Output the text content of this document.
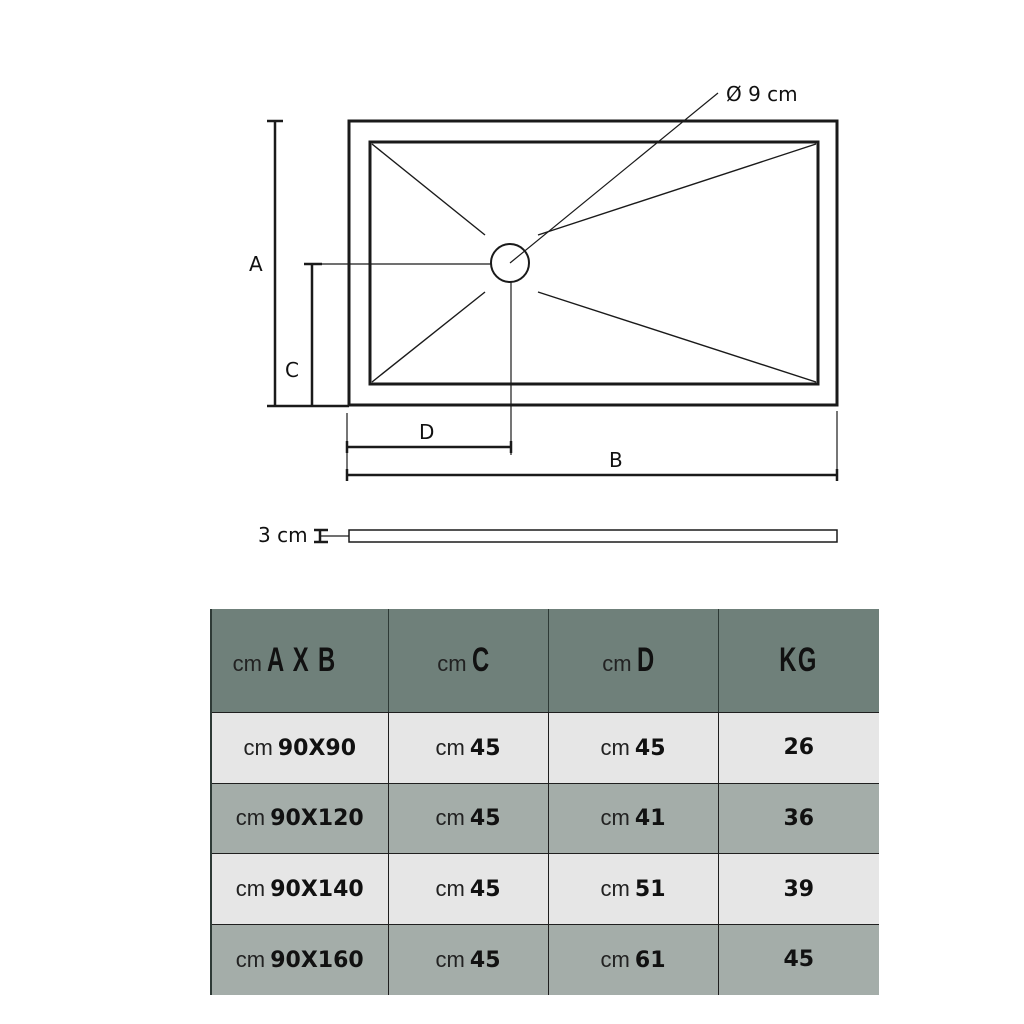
Ø 9 cm
A
C
D
B
3 cm
cm A X B	cm C	cm D	KG
cm 90X90	cm 45	cm 45	26
cm 90X120	cm 45	cm 41	36
cm 90X140	cm 45	cm 51	39
cm 90X160	cm 45	cm 61	45
